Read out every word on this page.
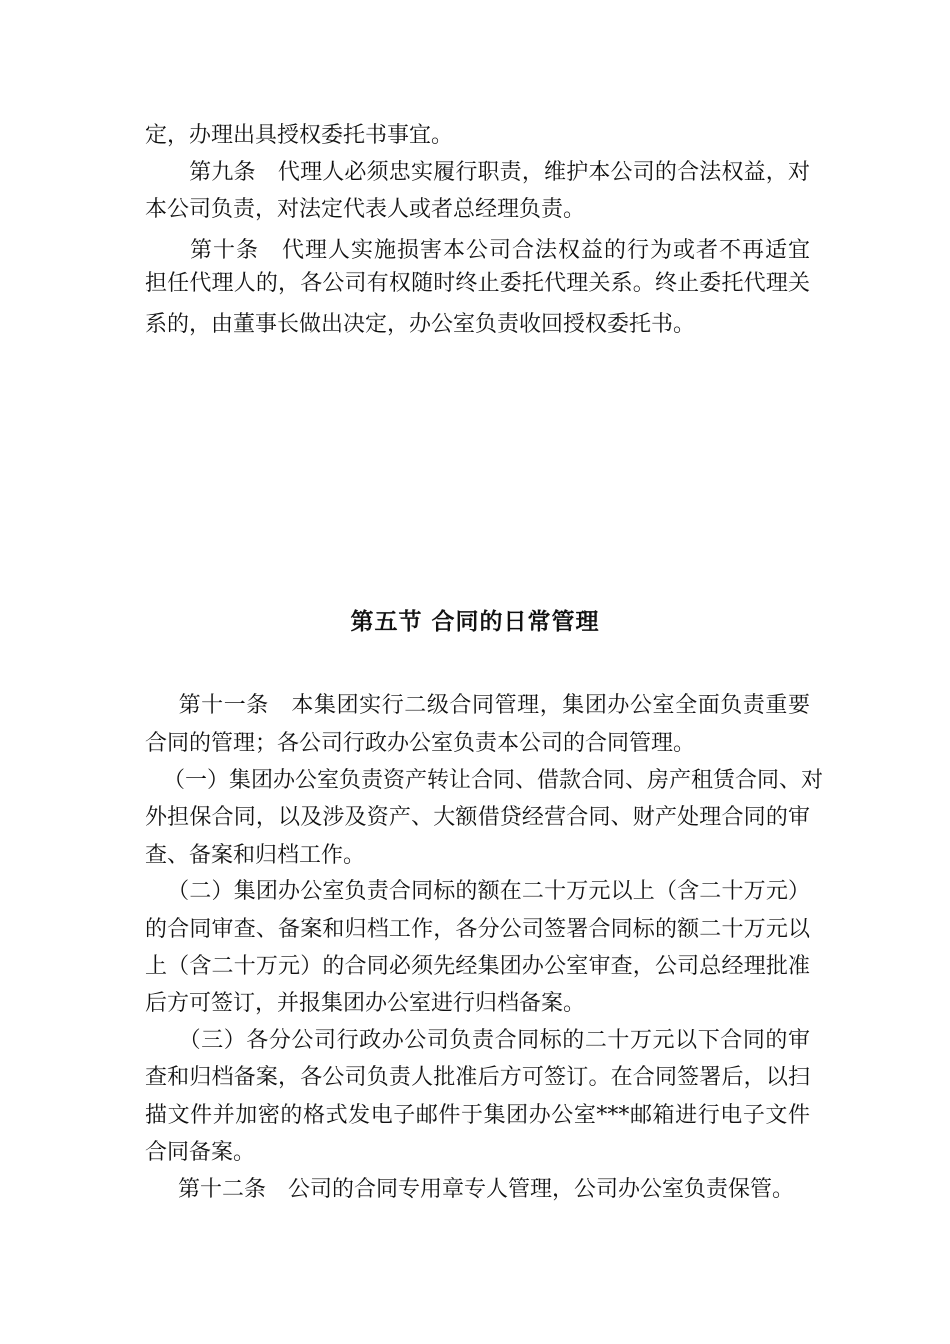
定，办理出具授权委托书事宜。
第九条　代理人必须忠实履行职责，维护本公司的合法权益，对
本公司负责，对法定代表人或者总经理负责。
第十条　代理人实施损害本公司合法权益的行为或者不再适宜
担任代理人的，各公司有权随时终止委托代理关系。终止委托代理关
系的，由董事长做出决定，办公室负责收回授权委托书。
第五节 合同的日常管理
第十一条　本集团实行二级合同管理，集团办公室全面负责重要
合同的管理；各公司行政办公室负责本公司的合同管理。
（一）集团办公室负责资产转让合同、借款合同、房产租赁合同、对
外担保合同，以及涉及资产、大额借贷经营合同、财产处理合同的审
查、备案和归档工作。
（二）集团办公室负责合同标的额在二十万元以上（含二十万元）
的合同审查、备案和归档工作，各分公司签署合同标的额二十万元以
上（含二十万元）的合同必须先经集团办公室审查，公司总经理批准
后方可签订，并报集团办公室进行归档备案。
（三）各分公司行政办公司负责合同标的二十万元以下合同的审
查和归档备案，各公司负责人批准后方可签订。在合同签署后，以扫
描文件并加密的格式发电子邮件于集团办公室***邮箱进行电子文件
合同备案。
第十二条　公司的合同专用章专人管理，公司办公室负责保管。
